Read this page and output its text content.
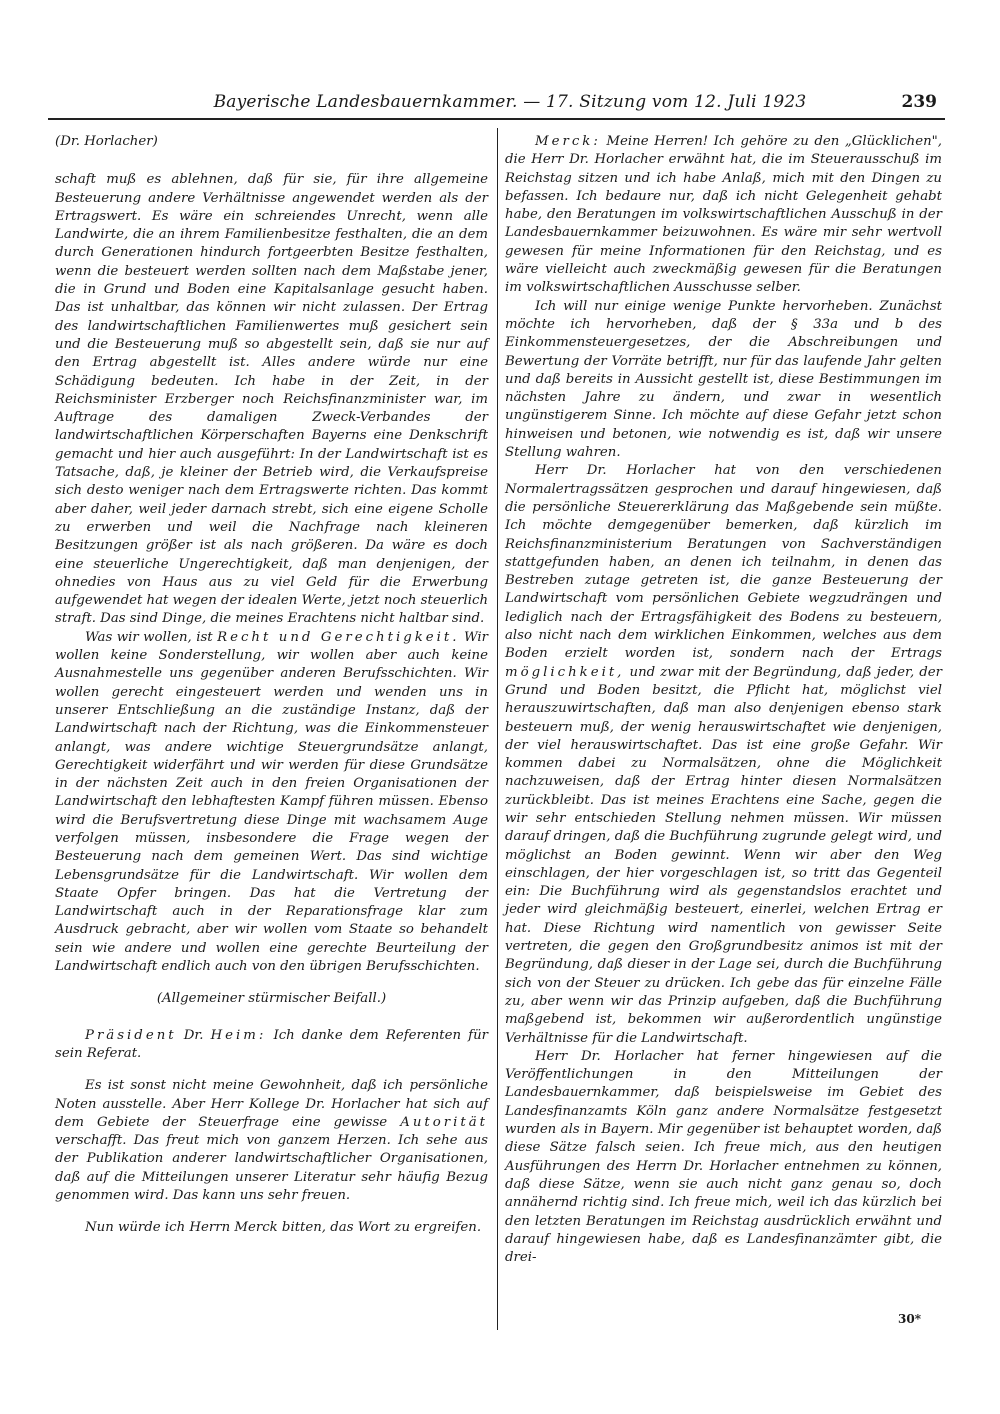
Bayerische Landesbauernkammer. — 17. Sitzung vom 12. Juli 1923	239

(Dr. Horlacher)

schaft muß es ablehnen, daß für sie, für ihre allgemeine Besteuerung andere Verhältnisse angewendet werden als der Ertragswert. Es wäre ein schreiendes Unrecht, wenn alle Landwirte, die an ihrem Familienbesitze festhalten, die an dem durch Generationen hindurch fortgeerbten Besitze festhalten, wenn die besteuert werden sollten nach dem Maßstabe jener, die in Grund und Boden eine Kapitalsanlage gesucht haben. Das ist unhaltbar, das können wir nicht zulassen. Der Ertrag des landwirtschaftlichen Familienwertes muß gesichert sein und die Besteuerung muß so abgestellt sein, daß sie nur auf den Ertrag abgestellt ist. Alles andere würde nur eine Schädigung bedeuten. Ich habe in der Zeit, in der Reichsminister Erzberger noch Reichsfinanzminister war, im Auftrage des damaligen Zweck-Verbandes der landwirtschaftlichen Körperschaften Bayerns eine Denkschrift gemacht und hier auch ausgeführt: In der Landwirtschaft ist es Tatsache, daß, je kleiner der Betrieb wird, die Verkaufspreise sich desto weniger nach dem Ertragswerte richten. Das kommt aber daher, weil jeder darnach strebt, sich eine eigene Scholle zu erwerben und weil die Nachfrage nach kleineren Besitzungen größer ist als nach größeren. Da wäre es doch eine steuerliche Ungerechtigkeit, daß man denjenigen, der ohnedies von Haus aus zu viel Geld für die Erwerbung aufgewendet hat wegen der idealen Werte, jetzt noch steuerlich straft. Das sind Dinge, die meines Erachtens nicht haltbar sind.

Was wir wollen, ist Recht und Gerechtigkeit. Wir wollen keine Sonderstellung, wir wollen aber auch keine Ausnahmestelle uns gegenüber anderen Berufsschichten. Wir wollen gerecht eingesteuert werden und wenden uns in unserer Entschließung an die zuständige Instanz, daß der Landwirtschaft nach der Richtung, was die Einkommensteuer anlangt, was andere wichtige Steuergrundsätze anlangt, Gerechtigkeit widerfährt und wir werden für diese Grundsätze in der nächsten Zeit auch in den freien Organisationen der Landwirtschaft den lebhaftesten Kampf führen müssen. Ebenso wird die Berufsvertretung diese Dinge mit wachsamem Auge verfolgen müssen, insbesondere die Frage wegen der Besteuerung nach dem gemeinen Wert. Das sind wichtige Lebensgrundsätze für die Landwirtschaft. Wir wollen dem Staate Opfer bringen. Das hat die Vertretung der Landwirtschaft auch in der Reparationsfrage klar zum Ausdruck gebracht, aber wir wollen vom Staate so behandelt sein wie andere und wollen eine gerechte Beurteilung der Landwirtschaft endlich auch von den übrigen Berufsschichten.

(Allgemeiner stürmischer Beifall.)

Präsident Dr. Heim: Ich danke dem Referenten für sein Referat.

Es ist sonst nicht meine Gewohnheit, daß ich persönliche Noten ausstelle. Aber Herr Kollege Dr. Horlacher hat sich auf dem Gebiete der Steuerfrage eine gewisse Autorität verschafft. Das freut mich von ganzem Herzen. Ich sehe aus der Publikation anderer landwirtschaftlicher Organisationen, daß auf die Mitteilungen unserer Literatur sehr häufig Bezug genommen wird. Das kann uns sehr freuen.

Nun würde ich Herrn Merck bitten, das Wort zu ergreifen.

Merck: Meine Herren! Ich gehöre zu den „Glücklichen", die Herr Dr. Horlacher erwähnt hat, die im Steuerausschuß im Reichstag sitzen und ich habe Anlaß, mich mit den Dingen zu befassen. Ich bedaure nur, daß ich nicht Gelegenheit gehabt habe, den Beratungen im volkswirtschaftlichen Ausschuß in der Landesbauernkammer beizuwohnen. Es wäre mir sehr wertvoll gewesen für meine Informationen für den Reichstag, und es wäre vielleicht auch zweckmäßig gewesen für die Beratungen im volkswirtschaftlichen Ausschusse selber.

Ich will nur einige wenige Punkte hervorheben. Zunächst möchte ich hervorheben, daß der § 33a und b des Einkommensteuergesetzes, der die Abschreibungen und Bewertung der Vorräte betrifft, nur für das laufende Jahr gelten und daß bereits in Aussicht gestellt ist, diese Bestimmungen im nächsten Jahre zu ändern, und zwar in wesentlich ungünstigerem Sinne. Ich möchte auf diese Gefahr jetzt schon hinweisen und betonen, wie notwendig es ist, daß wir unsere Stellung wahren.

Herr Dr. Horlacher hat von den verschiedenen Normalertragssätzen gesprochen und darauf hingewiesen, daß die persönliche Steuererklärung das Maßgebende sein müßte. Ich möchte demgegenüber bemerken, daß kürzlich im Reichsfinanzministerium Beratungen von Sachverständigen stattgefunden haben, an denen ich teilnahm, in denen das Bestreben zutage getreten ist, die ganze Besteuerung der Landwirtschaft vom persönlichen Gebiete wegzudrängen und lediglich nach der Ertragsfähigkeit des Bodens zu besteuern, also nicht nach dem wirklichen Einkommen, welches aus dem Boden erzielt worden ist, sondern nach der Ertrags möglichkeit, und zwar mit der Begründung, daß jeder, der Grund und Boden besitzt, die Pflicht hat, möglichst viel herauszuwirtschaften, daß man also denjenigen ebenso stark besteuern muß, der wenig herauswirtschaftet wie denjenigen, der viel herauswirtschaftet. Das ist eine große Gefahr. Wir kommen dabei zu Normalsätzen, ohne die Möglichkeit nachzuweisen, daß der Ertrag hinter diesen Normalsätzen zurückbleibt. Das ist meines Erachtens eine Sache, gegen die wir sehr entschieden Stellung nehmen müssen. Wir müssen darauf dringen, daß die Buchführung zugrunde gelegt wird, und möglichst an Boden gewinnt. Wenn wir aber den Weg einschlagen, der hier vorgeschlagen ist, so tritt das Gegenteil ein: Die Buchführung wird als gegenstandslos erachtet und jeder wird gleichmäßig besteuert, einerlei, welchen Ertrag er hat. Diese Richtung wird namentlich von gewisser Seite vertreten, die gegen den Großgrundbesitz animos ist mit der Begründung, daß dieser in der Lage sei, durch die Buchführung sich von der Steuer zu drücken. Ich gebe das für einzelne Fälle zu, aber wenn wir das Prinzip aufgeben, daß die Buchführung maßgebend ist, bekommen wir außerordentlich ungünstige Verhältnisse für die Landwirtschaft.

Herr Dr. Horlacher hat ferner hingewiesen auf die Veröffentlichungen in den Mitteilungen der Landesbauernkammer, daß beispielsweise im Gebiet des Landesfinanzamts Köln ganz andere Normalsätze festgesetzt wurden als in Bayern. Mir gegenüber ist behauptet worden, daß diese Sätze falsch seien. Ich freue mich, aus den heutigen Ausführungen des Herrn Dr. Horlacher entnehmen zu können, daß diese Sätze, wenn sie auch nicht ganz genau so, doch annähernd richtig sind. Ich freue mich, weil ich das kürzlich bei den letzten Beratungen im Reichstag ausdrücklich erwähnt und darauf hingewiesen habe, daß es Landesfinanzämter gibt, die drei-

30*
